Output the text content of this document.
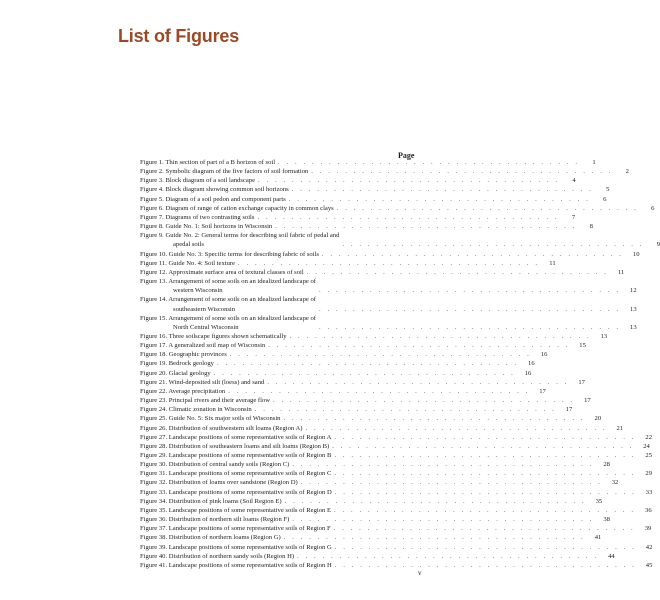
List of Figures

Page

Figure 1. Thin section of part of a B horizon of soil . . . . . . . . . . . . . . . . . . . . . . . . . . . . . . . . . . . .	1
Figure 2. Symbolic diagram of the five factors of soil formation . . . . . . . . . . . . . . . . . . . . . . . . . . . . . . . . . . . .	2
Figure 3. Block diagram of a soil landscape . . . . . . . . . . . . . . . . . . . . . . . . . . . . . . . . . . . .	4
Figure 4. Block diagram showing common soil horizons . . . . . . . . . . . . . . . . . . . . . . . . . . . . . . . . . . . .	5
Figure 5. Diagram of a soil pedon and component parts . . . . . . . . . . . . . . . . . . . . . . . . . . . . . . . . . . . .	6
Figure 6. Diagram of range of cation exchange capacity in common clays . . . . . . . . . . . . . . . . . . . . . . . . . . . . . . . . . . . .	6
Figure 7. Diagrams of two contrasting soils . . . . . . . . . . . . . . . . . . . . . . . . . . . . . . . . . . . .	7
Figure 8. Guide No. 1: Soil horizons in Wisconsin . . . . . . . . . . . . . . . . . . . . . . . . . . . . . . . . . . . .	8
Figure 9. Guide No. 2: General terms for describing soil fabric of pedal and
apedal soils	. . . . . . . . . . . . . . . . . . . . . . . . . . . . . . . . . . . .	9
Figure 10. Guide No. 3: Specific terms for describing fabric of soils . . . . . . . . . . . . . . . . . . . . . . . . . . . . . . . . . . . .	10
Figure 11. Guide No. 4: Soil texture . . . . . . . . . . . . . . . . . . . . . . . . . . . . . . . . . . . .	11
Figure 12. Approximate surface area of textural classes of soil . . . . . . . . . . . . . . . . . . . . . . . . . . . . . . . . . . . .	11
Figure 13. Arrangement of some soils on an idealized landscape of
western Wisconsin	. . . . . . . . . . . . . . . . . . . . . . . . . . . . . . . . . . . .	12
Figure 14. Arrangement of some soils on an idealized landscape of
southeastern Wisconsin	. . . . . . . . . . . . . . . . . . . . . . . . . . . . . . . . . . . .	13
Figure 15. Arrangement of some soils on an idealized landscape of
North Central Wisconsin	. . . . . . . . . . . . . . . . . . . . . . . . . . . . . . . . . . . .	13
Figure 16. Three soilscape figures shown schematically . . . . . . . . . . . . . . . . . . . . . . . . . . . . . . . . . . . .	13
Figure 17. A generalized soil map of Wisconsin . . . . . . . . . . . . . . . . . . . . . . . . . . . . . . . . . . . .	15
Figure 18. Geographic provinces . . . . . . . . . . . . . . . . . . . . . . . . . . . . . . . . . . . .	16
Figure 19. Bedrock geology . . . . . . . . . . . . . . . . . . . . . . . . . . . . . . . . . . . .	16
Figure 20. Glacial geology . . . . . . . . . . . . . . . . . . . . . . . . . . . . . . . . . . . .	16
Figure 21. Wind-deposited silt (loess) and sand . . . . . . . . . . . . . . . . . . . . . . . . . . . . . . . . . . . .	17
Figure 22. Average precipitation . . . . . . . . . . . . . . . . . . . . . . . . . . . . . . . . . . . .	17
Figure 23. Principal rivers and their average flow . . . . . . . . . . . . . . . . . . . . . . . . . . . . . . . . . . . .	17
Figure 24. Climatic zonation in Wisconsin . . . . . . . . . . . . . . . . . . . . . . . . . . . . . . . . . . . .	17
Figure 25. Guide No. 5: Six major soils of Wisconsin . . . . . . . . . . . . . . . . . . . . . . . . . . . . . . . . . . . .	20
Figure 26. Distribution of southwestern silt loams (Region A) . . . . . . . . . . . . . . . . . . . . . . . . . . . . . . . . . . . .	21
Figure 27. Landscape positions of some representative soils of Region A . . . . . . . . . . . . . . . . . . . . . . . . . . . . . . . . . . . .	22
Figure 28. Distribution of southeastern loams and silt loams (Region B) . . . . . . . . . . . . . . . . . . . . . . . . . . . . . . . . . . . .	24
Figure 29. Landscape positions of some representative soils of Region B . . . . . . . . . . . . . . . . . . . . . . . . . . . . . . . . . . . .	25
Figure 30. Distribution of central sandy soils (Region C) . . . . . . . . . . . . . . . . . . . . . . . . . . . . . . . . . . . .	28
Figure 31. Landscape positions of some representative soils of Region C . . . . . . . . . . . . . . . . . . . . . . . . . . . . . . . . . . . .	29
Figure 32. Distribution of loams over sandstone (Region D) . . . . . . . . . . . . . . . . . . . . . . . . . . . . . . . . . . . .	32
Figure 33. Landscape positions of some representative soils of Region D . . . . . . . . . . . . . . . . . . . . . . . . . . . . . . . . . . . .	33
Figure 34. Distribution of pink loams (Soil Region E) . . . . . . . . . . . . . . . . . . . . . . . . . . . . . . . . . . . .	35
Figure 35. Landscape positions of some representative soils of Region E . . . . . . . . . . . . . . . . . . . . . . . . . . . . . . . . . . . .	36
Figure 36. Distribution of northern silt loams (Region F) . . . . . . . . . . . . . . . . . . . . . . . . . . . . . . . . . . . .	38
Figure 37. Landscape positions of some representative soils of Region F . . . . . . . . . . . . . . . . . . . . . . . . . . . . . . . . . . . .	39
Figure 38. Distribution of northern loams (Region G) . . . . . . . . . . . . . . . . . . . . . . . . . . . . . . . . . . . .	41
Figure 39. Landscape positions of some representative soils of Region G . . . . . . . . . . . . . . . . . . . . . . . . . . . . . . . . . . . .	42
Figure 40. Distribution of northern sandy soils (Region H) . . . . . . . . . . . . . . . . . . . . . . . . . . . . . . . . . . . .	44
Figure 41. Landscape positions of some representative soils of Region H . . . . . . . . . . . . . . . . . . . . . . . . . . . . . . . . . . . .	45

v
